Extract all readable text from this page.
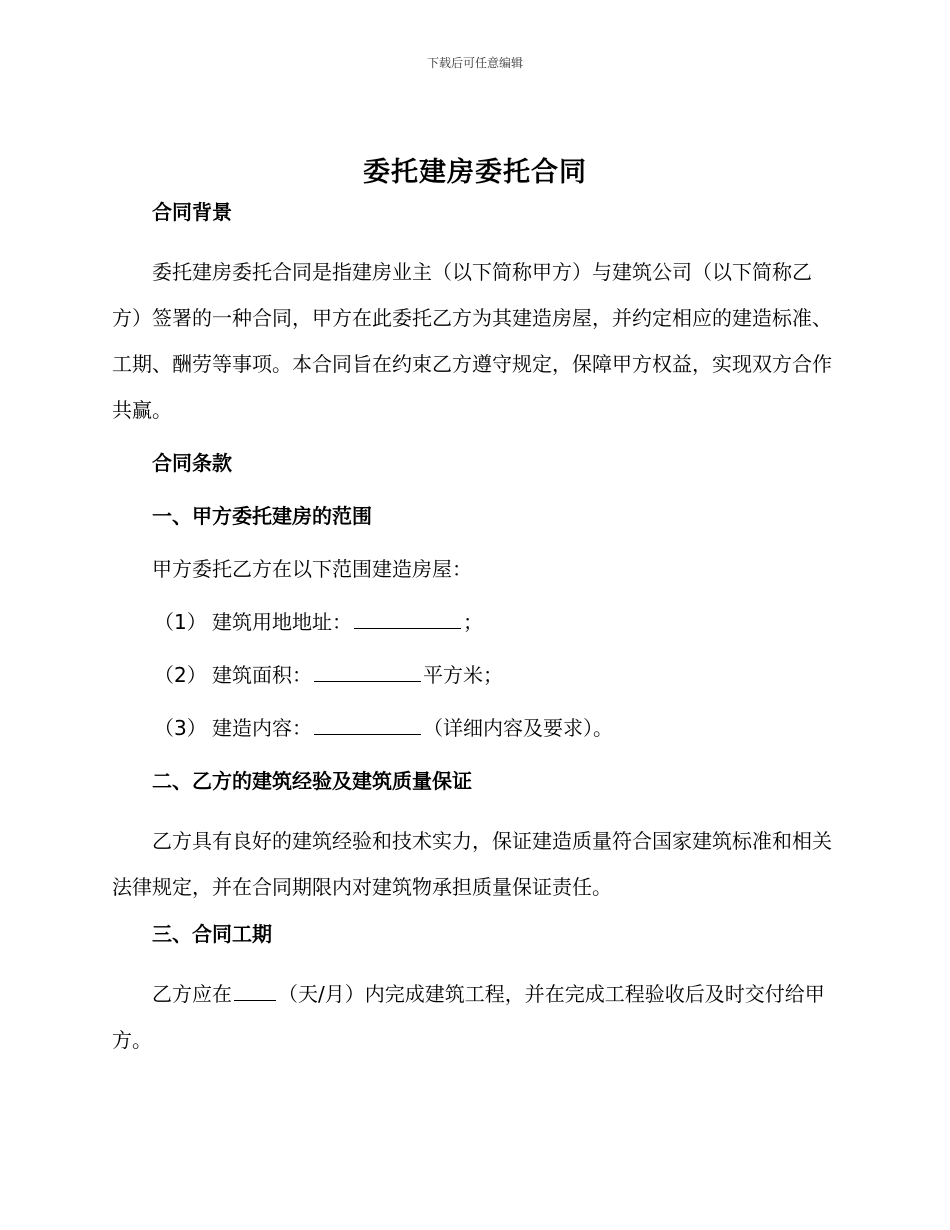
下载后可任意编辑
委托建房委托合同
合同背景
委托建房委托合同是指建房业主（以下简称甲方）与建筑公司（以下简称乙方）签署的一种合同，甲方在此委托乙方为其建造房屋，并约定相应的建造标准、工期、酬劳等事项。本合同旨在约束乙方遵守规定，保障甲方权益，实现双方合作共赢。
合同条款
一、甲方委托建房的范围
甲方委托乙方在以下范围建造房屋：
（1） 建筑用地地址：	；
（2） 建筑面积：	平方米；
（3） 建造内容：	（详细内容及要求）。
二、乙方的建筑经验及建筑质量保证
乙方具有良好的建筑经验和技术实力，保证建造质量符合国家建筑标准和相关法律规定，并在合同期限内对建筑物承担质量保证责任。
三、合同工期
乙方应在 （天/月）内完成建筑工程，并在完成工程验收后及时交付给甲方。
